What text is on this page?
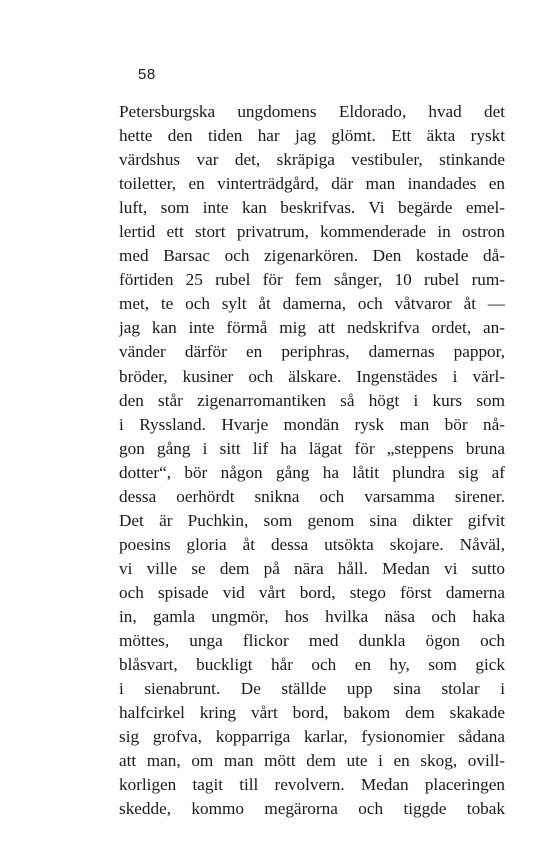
58
Petersburgska ungdomens Eldorado, hvad det
hette den tiden har jag glömt. Ett äkta ryskt
värdshus var det, skräpiga vestibuler, stinkande
toiletter, en vinterträdgård, där man inandades en
luft, som inte kan beskrifvas. Vi begärde emel-
lertid ett stort privatrum, kommenderade in ostron
med Barsac och zigenarkören. Den kostade då-
förtiden 25 rubel för fem sånger, 10 rubel rum-
met, te och sylt åt damerna, och våtvaror åt —
jag kan inte förmå mig att nedskrifva ordet, an-
vänder därför en periphras, damernas pappor,
bröder, kusiner och älskare. Ingenstädes i värl-
den står zigenarromantiken så högt i kurs som
i Ryssland. Hvarje mondän rysk man bör nå-
gon gång i sitt lif ha lägat för „steppens bruna
dotter“, bör någon gång ha låtit plundra sig af
dessa oerhördt snikna och varsamma sirener.
Det är Puchkin, som genom sina dikter gifvit
poesins gloria åt dessa utsökta skojare. Nåväl,
vi ville se dem på nära håll. Medan vi sutto
och spisade vid vårt bord, stego först damerna
in, gamla ungmör, hos hvilka näsa och haka
möttes, unga flickor med dunkla ögon och
blåsvart, buckligt hår och en hy, som gick
i sienabrunt. De ställde upp sina stolar i
halfcirkel kring vårt bord, bakom dem skakade
sig grofva, kopparriga karlar, fysionomier sådana
att man, om man mött dem ute i en skog, ovill-
korligen tagit till revolvern. Medan placeringen
skedde, kommo megärorna och tiggde tobak
